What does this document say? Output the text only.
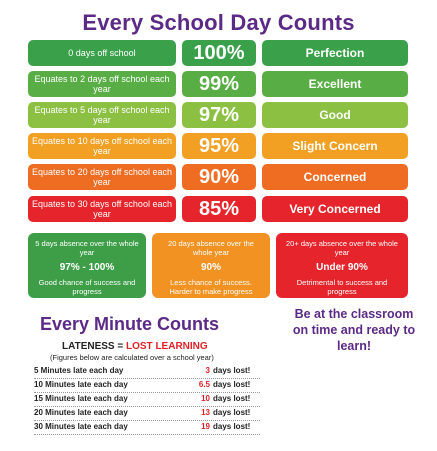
Every School Day Counts
0 days off school	100%	Perfection
Equates to 2 days off school each year	99%	Excellent
Equates to 5 days off school each year	97%	Good
Equates to 10 days off school each year	95%	Slight Concern
Equates to 20 days off school each year	90%	Concerned
Equates to 30 days off school each year	85%	Very Concerned
5 days absence over the whole year
97% - 100%
Good chance of success and progress
20 days absence over the whole year
90%
Less chance of success. Harder to make progress
20+ days absence over the whole year
Under 90%
Detrimental to success and progress
Every Minute Counts	Be at the classroom on time and ready to learn!
LATENESS = LOST LEARNING
(Figures below are calculated over a school year)
5 Minutes late each day	3 days lost!
10 Minutes late each day	6.5 days lost!
15 Minutes late each day	10 days lost!
20 Minutes late each day	13 days lost!
30 Minutes late each day	19 days lost!
